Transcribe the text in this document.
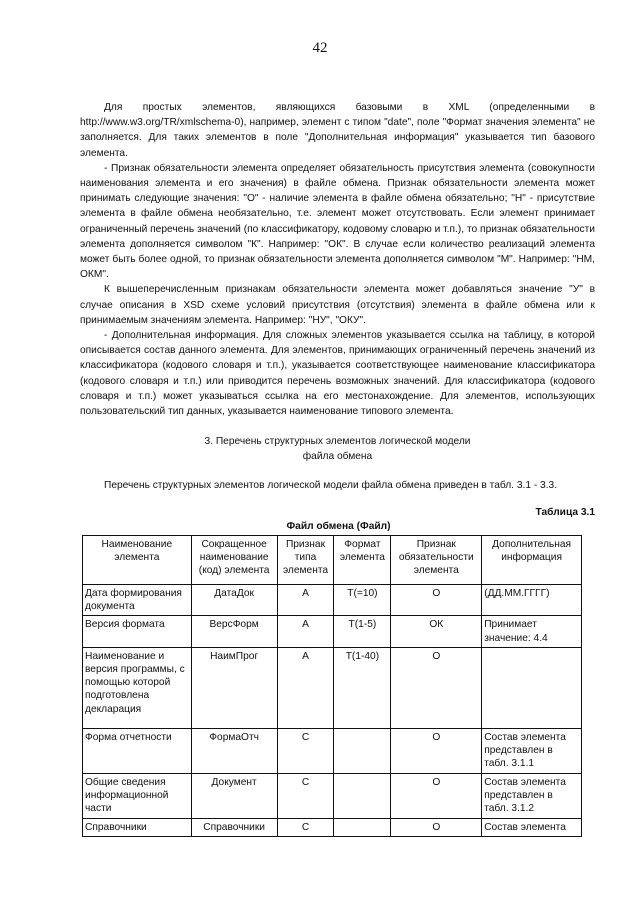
42

Для простых элементов, являющихся базовыми в XML (определенными в http://www.w3.org/TR/xmlschema-0), например, элемент с типом "date", поле "Формат значения элемента" не заполняется. Для таких элементов в поле "Дополнительная информация" указывается тип базового элемента.

- Признак обязательности элемента определяет обязательность присутствия элемента (совокупности наименования элемента и его значения) в файле обмена. Признак обязательности элемента может принимать следующие значения: "О" - наличие элемента в файле обмена обязательно; "Н" - присутствие элемента в файле обмена необязательно, т.е. элемент может отсутствовать. Если элемент принимает ограниченный перечень значений (по классификатору, кодовому словарю и т.п.), то признак обязательности элемента дополняется символом "К". Например: "ОК". В случае если количество реализаций элемента может быть более одной, то признак обязательности элемента дополняется символом "М". Например: "НМ, ОКМ".

К вышеперечисленным признакам обязательности элемента может добавляться значение "У" в случае описания в XSD схеме условий присутствия (отсутствия) элемента в файле обмена или к принимаемым значениям элемента. Например: "НУ", "ОКУ".

- Дополнительная информация. Для сложных элементов указывается ссылка на таблицу, в которой описывается состав данного элемента. Для элементов, принимающих ограниченный перечень значений из классификатора (кодового словаря и т.п.), указывается соответствующее наименование классификатора (кодового словаря и т.п.) или приводится перечень возможных значений. Для классификатора (кодового словаря и т.п.) может указываться ссылка на его местонахождение. Для элементов, использующих пользовательский тип данных, указывается наименование типового элемента.

3. Перечень структурных элементов логической модели
файла обмена
Перечень структурных элементов логической модели файла обмена приведен в табл. 3.1 - 3.3.
Таблица 3.1
Файл обмена (Файл)
Наименование элемента	Сокращенное наименование (код) элемента	Признак типа элемента	Формат элемента	Признак обязательности элемента	Дополнительная информация
Дата формирования документа	ДатаДок	А	Т(=10)	О	(ДД.ММ.ГГГГ)
Версия формата	ВерсФорм	А	Т(1-5)	ОК	Принимает значение: 4.4
Наименование и версия программы, с помощью которой подготовлена декларация	НаимПрог	А	Т(1-40)	О	
Форма отчетности	ФормаОтч	С		О	Состав элемента представлен в табл. 3.1.1
Общие сведения информационной части	Документ	С		О	Состав элемента представлен в табл. 3.1.2
Справочники	Справочники	С		О	Состав элемента
